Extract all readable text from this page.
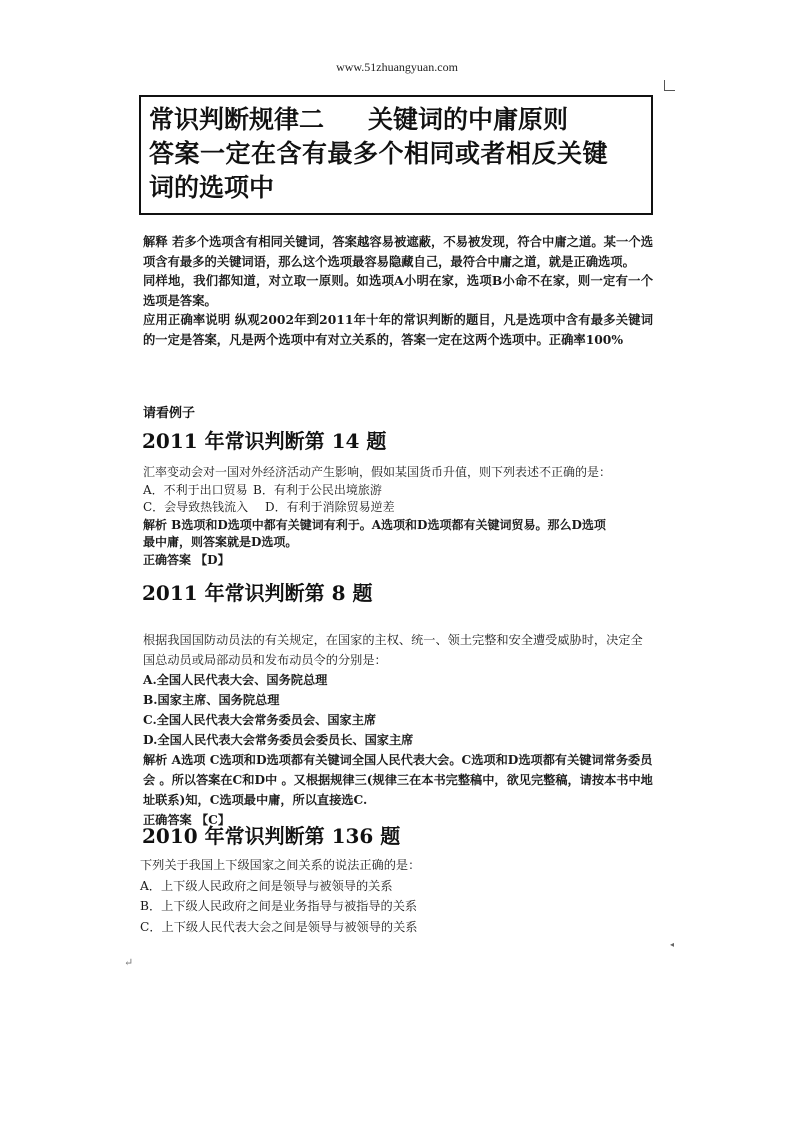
www.51zhuangyuan.com
常识判断规律二 关键词的中庸原则
答案一定在含有最多个相同或者相反关键
词的选项中

解释 若多个选项含有相同关键词，答案越容易被遮蔽，不易被发现，符合中庸之道。某一个选项含有最多的关键词语，那么这个选项最容易隐藏自己，最符合中庸之道，就是正确选项。

同样地，我们都知道，对立取一原则。如选项A小明在家，选项B小命不在家，则一定有一个选项是答案。

应用正确率说明 纵观2002年到2011年十年的常识判断的题目，凡是选项中含有最多关键词的一定是答案，凡是两个选项中有对立关系的，答案一定在这两个选项中。正确率100%

请看例子
2011 年常识判断第 14 题

汇率变动会对一国对外经济活动产生影响，假如某国货币升值，则下列表述不正确的是：

A．不利于出口贸易 B．有利于公民出境旅游

C．会导致热钱流入 D．有利于消除贸易逆差

解析 B选项和D选项中都有关键词有利于。A选项和D选项都有关键词贸易。那么D选项

最中庸，则答案就是D选项。

正确答案 【D】

2011 年常识判断第 8 题

根据我国国防动员法的有关规定，在国家的主权、统一、领土完整和安全遭受威胁时，决定全国总动员或局部动员和发布动员令的分别是：

A.全国人民代表大会、国务院总理

B.国家主席、国务院总理

C.全国人民代表大会常务委员会、国家主席

D.全国人民代表大会常务委员会委员长、国家主席

解析 A选项 C选项和D选项都有关键词全国人民代表大会。C选项和D选项都有关键词常务委员会 。所以答案在C和D中 。又根据规律三(规律三在本书完整稿中，欲见完整稿，请按本书中地址联系)知，C选项最中庸，所以直接选C.

正确答案 【C】

2010 年常识判断第 136 题

下列关于我国上下级国家之间关系的说法正确的是：

A．上下级人民政府之间是领导与被领导的关系

B．上下级人民政府之间是业务指导与被指导的关系

C．上下级人民代表大会之间是领导与被领导的关系

◂
↵
